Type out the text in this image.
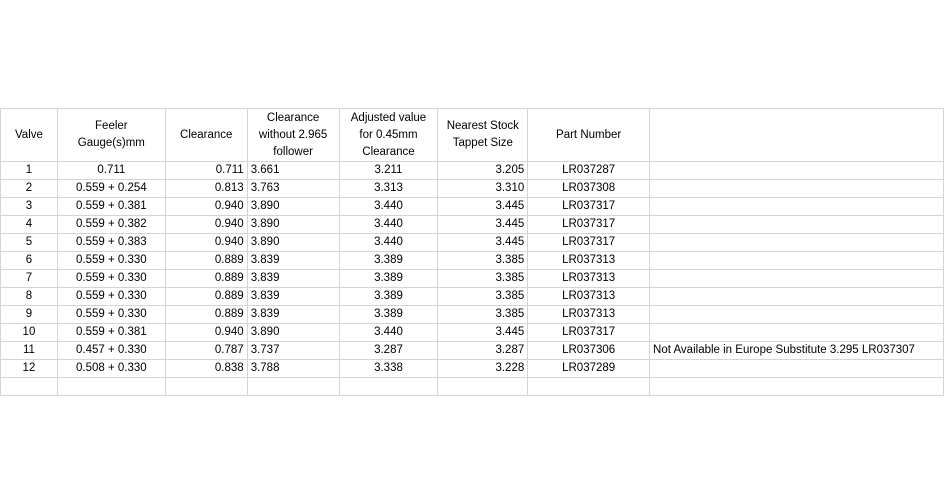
Valve	Feeler Gauge(s)mm	Clearance	Clearance without 2.965 follower	Adjusted value for 0.45mm Clearance	Nearest Stock Tappet Size	Part Number	
1	0.711	0.711	3.661	3.211	3.205	LR037287	
2	0.559 + 0.254	0.813	3.763	3.313	3.310	LR037308	
3	0.559 + 0.381	0.940	3.890	3.440	3.445	LR037317	
4	0.559 + 0.382	0.940	3.890	3.440	3.445	LR037317	
5	0.559 + 0.383	0.940	3.890	3.440	3.445	LR037317	
6	0.559 + 0.330	0.889	3.839	3.389	3.385	LR037313	
7	0.559 + 0.330	0.889	3.839	3.389	3.385	LR037313	
8	0.559 + 0.330	0.889	3.839	3.389	3.385	LR037313	
9	0.559 + 0.330	0.889	3.839	3.389	3.385	LR037313	
10	0.559 + 0.381	0.940	3.890	3.440	3.445	LR037317	
11	0.457 + 0.330	0.787	3.737	3.287	3.287	LR037306	Not Available in Europe Substitute 3.295 LR037307
12	0.508 + 0.330	0.838	3.788	3.338	3.228	LR037289	
